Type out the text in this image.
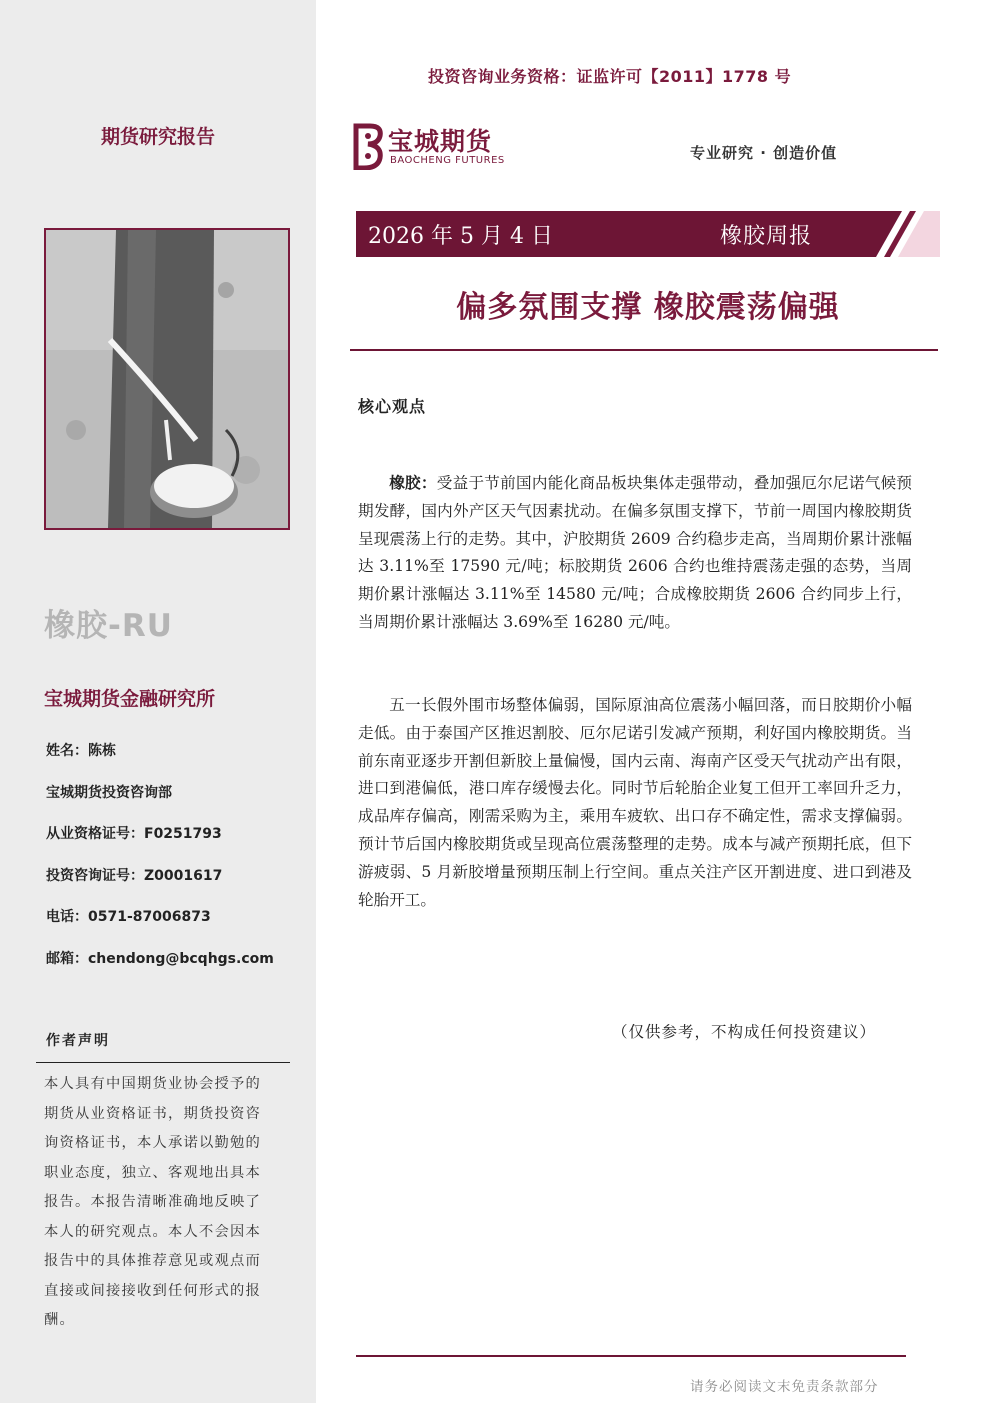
期货研究报告
橡胶-RU
宝城期货金融研究所
姓名：陈栋
宝城期货投资咨询部
从业资格证号：F0251793
投资咨询证号：Z0001617
电话：0571-87006873
邮箱：chendong@bcqhgs.com
作者声明
本人具有中国期货业协会授予的期货从业资格证书，期货投资咨询资格证书，本人承诺以勤勉的职业态度，独立、客观地出具本报告。本报告清晰准确地反映了本人的研究观点。本人不会因本报告中的具体推荐意见或观点而直接或间接接收到任何形式的报酬。
投资咨询业务资格：证监许可【2011】1778 号
宝城期货
BAOCHENG FUTURES	专业研究 · 创造价值
2026 年 5 月 4 日	橡胶周报
偏多氛围支撑 橡胶震荡偏强
核心观点
橡胶：受益于节前国内能化商品板块集体走强带动，叠加强厄尔尼诺气候预期发酵，国内外产区天气因素扰动。在偏多氛围支撑下，节前一周国内橡胶期货呈现震荡上行的走势。其中，沪胶期货 2609 合约稳步走高，当周期价累计涨幅达 3.11%至 17590 元/吨；标胶期货 2606 合约也维持震荡走强的态势，当周期价累计涨幅达 3.11%至 14580 元/吨；合成橡胶期货 2606 合约同步上行，当周期价累计涨幅达 3.69%至 16280 元/吨。
五一长假外围市场整体偏弱，国际原油高位震荡小幅回落，而日胶期价小幅走低。由于泰国产区推迟割胶、厄尔尼诺引发减产预期，利好国内橡胶期货。当前东南亚逐步开割但新胶上量偏慢，国内云南、海南产区受天气扰动产出有限，进口到港偏低，港口库存缓慢去化。同时节后轮胎企业复工但开工率回升乏力，成品库存偏高，刚需采购为主，乘用车疲软、出口存不确定性，需求支撑偏弱。预计节后国内橡胶期货或呈现高位震荡整理的走势。成本与减产预期托底，但下游疲弱、5 月新胶增量预期压制上行空间。重点关注产区开割进度、进口到港及轮胎开工。
（仅供参考，不构成任何投资建议）
请务必阅读文末免责条款部分
